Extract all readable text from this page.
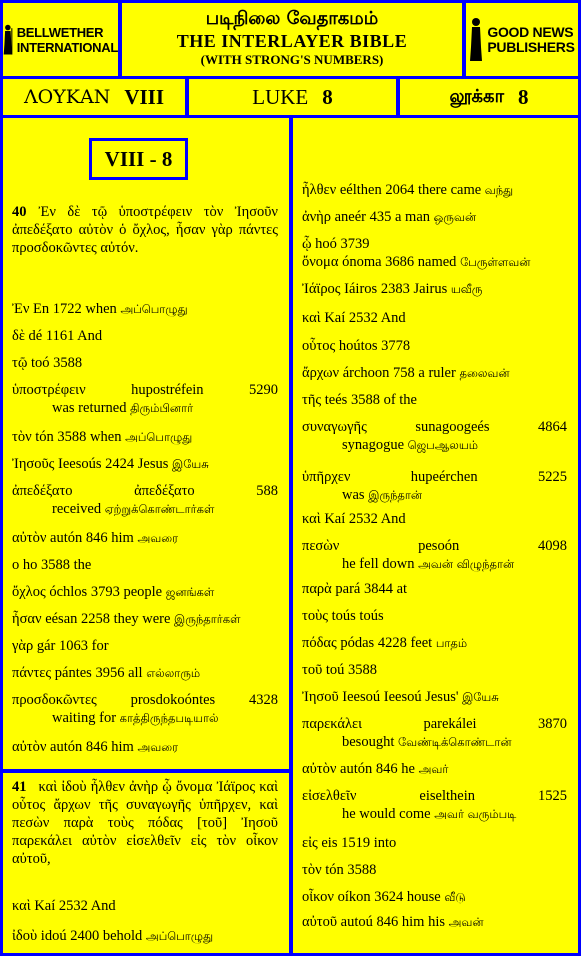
BELLWETHER
INTERNATIONAL
படிநிலை வேதாகமம்
THE INTERLAYER BIBLE
(WITH STRONG'S NUMBERS)
GOOD NEWS
PUBLISHERS
ΛΟΥΚΑΝ VIII	LUKE 8	லூக்கா 8
VIII - 8
40 Ἐν δὲ τῷ ὑποστρέφειν τὸν Ἰησοῦν ἀπεδέξατο αὐτὸν ὁ ὄχλος, ἦσαν γὰρ πάντες προσδοκῶντες αὐτόν.
Ἐν En 1722 when அப்பொழுது
δὲ dé 1161 And
τῷ toó 3588
ὑποστρέφειν	hupostréfein	5290
was returned திரும்பினார்
τὸν tón 3588 when அப்பொழுது
Ἰησοῦς Ieesoús 2424 Jesus இயேசு
ἀπεδέξατο	ἀπεδέξατο	588
received ஏற்றுக்கொண்டார்கள்
αὐτὸν autón 846 him அவரை
ο ho 3588 the
ὄχλος óchlos 3793 people ஜனங்கள்
ἦσαν eésan 2258 they were இருந்தார்கள்
γὰρ gár 1063 for
πάντες pántes 3956 all எல்லாரும்
προσδοκῶντες prosdokoóntes 4328
waiting for காத்திருந்தபடியால்
αὐτὸν autón 846 him அவரை
41 καὶ ἰδοὺ ἦλθεν ἀνὴρ ᾧ ὄνομα Ἰάϊρος καὶ οὗτος ἄρχων τῆς συναγωγῆς ὑπῆρχεν, καὶ πεσὼν παρὰ τοὺς πόδας [τοῦ] Ἰησοῦ παρεκάλει αὐτὸν εἰσελθεῖν εἰς τὸν οἶκον αὐτοῦ,
καὶ Kaí 2532 And
ἰδοὺ idoú 2400 behold அப்பொழுது
ἦλθεν eélthen 2064 there came வந்து
ἀνὴρ aneér 435 a man ஒருவன்
ᾧ hoó 3739
ὄνομα ónoma 3686 named பேருள்ளவன்
Ἰάϊρος Iáiros 2383 Jairus யவீரு
καὶ Kaí 2532 And
οὗτος hoútos 3778
ἄρχων árchoon 758 a ruler தலைவன்
τῆς teés 3588 of the
συναγωγῆς	sunagoogeés	4864
synagogue ஜெபஆலயம்
ὑπῆρχεν	hupeérchen	5225
was இருந்தான்
καὶ Kaí 2532 And
πεσὼν	pesoón	4098
he fell down அவன் விழுந்தான்
παρὰ pará 3844 at
τοὺς toús toús
πόδας pódas 4228 feet பாதம்
τοῦ toú 3588
Ἰησοῦ Ieesoú Ieesoú Jesus' இயேசு
παρεκάλει	parekálei	3870
besought வேண்டிக்கொண்டான்
αὐτὸν autón 846 he அவர்
εἰσελθεῖν	eiselthein	1525
he would come அவர் வரும்படி
εἰς eis 1519 into
τὸν tón 3588
οἶκον oíkon 3624 house வீடு
αὐτοῦ autoú 846 him his அவன்
